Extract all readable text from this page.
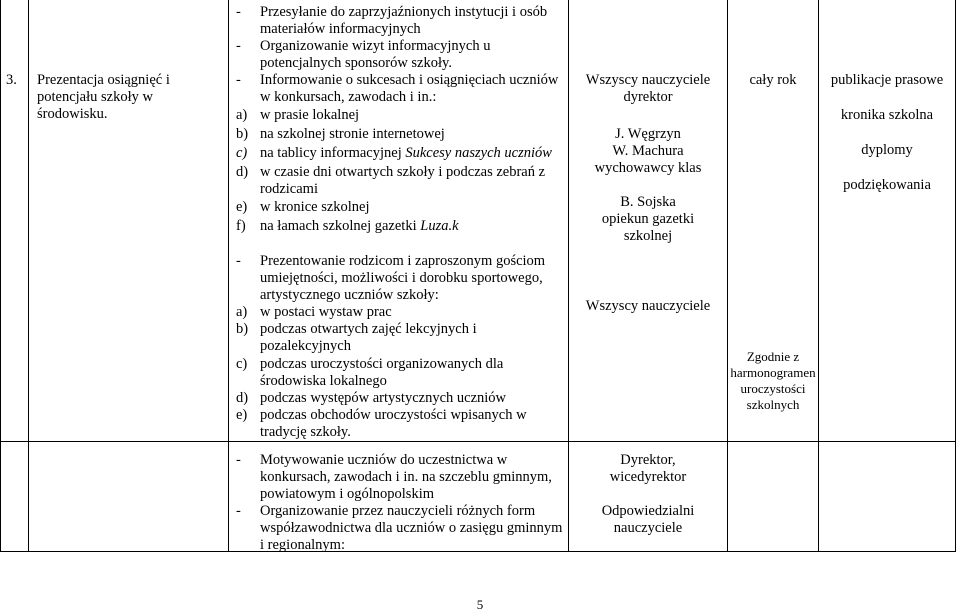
3. Prezentacja osiągnięć i
potencjału szkoły w
środowisku.
- Przesyłanie do zaprzyjaźnionych instytucji i osób
materiałów informacyjnych
- Organizowanie wizyt informacyjnych u
potencjalnych sponsorów szkoły.
- Informowanie o sukcesach i osiągnięciach uczniów
w konkursach, zawodach i in.:
a) w prasie lokalnej
b) na szkolnej stronie internetowej
c) na tablicy informacyjnej Sukcesy naszych uczniów
d) w czasie dni otwartych szkoły i podczas zebrań z
rodzicami
e) w kronice szkolnej
f) na łamach szkolnej gazetki Luza.k
- Prezentowanie rodzicom i zaproszonym gościom
umiejętności, możliwości i dorobku sportowego,
artystycznego uczniów szkoły:
a) w postaci wystaw prac
b) podczas otwartych zajęć lekcyjnych i
pozalekcyjnych
c) podczas uroczystości organizowanych dla
środowiska lokalnego
d) podczas występów artystycznych uczniów
e) podczas obchodów uroczystości wpisanych w
tradycję szkoły.
Wszyscy nauczyciele
dyrektor
J. Węgrzyn
W. Machura
wychowawcy klas
B. Sojska
opiekun gazetki
szkolnej
Wszyscy nauczyciele
cały rok
Zgodnie z
harmonogramen
uroczystości
szkolnych
publikacje prasowe
kronika szkolna
dyplomy
podziękowania
- Motywowanie uczniów do uczestnictwa w
konkursach, zawodach i in. na szczeblu gminnym,
powiatowym i ogólnopolskim
- Organizowanie przez nauczycieli różnych form
współzawodnictwa dla uczniów o zasięgu gminnym
i regionalnym:
Dyrektor,
wicedyrektor
Odpowiedzialni
nauczyciele
5
